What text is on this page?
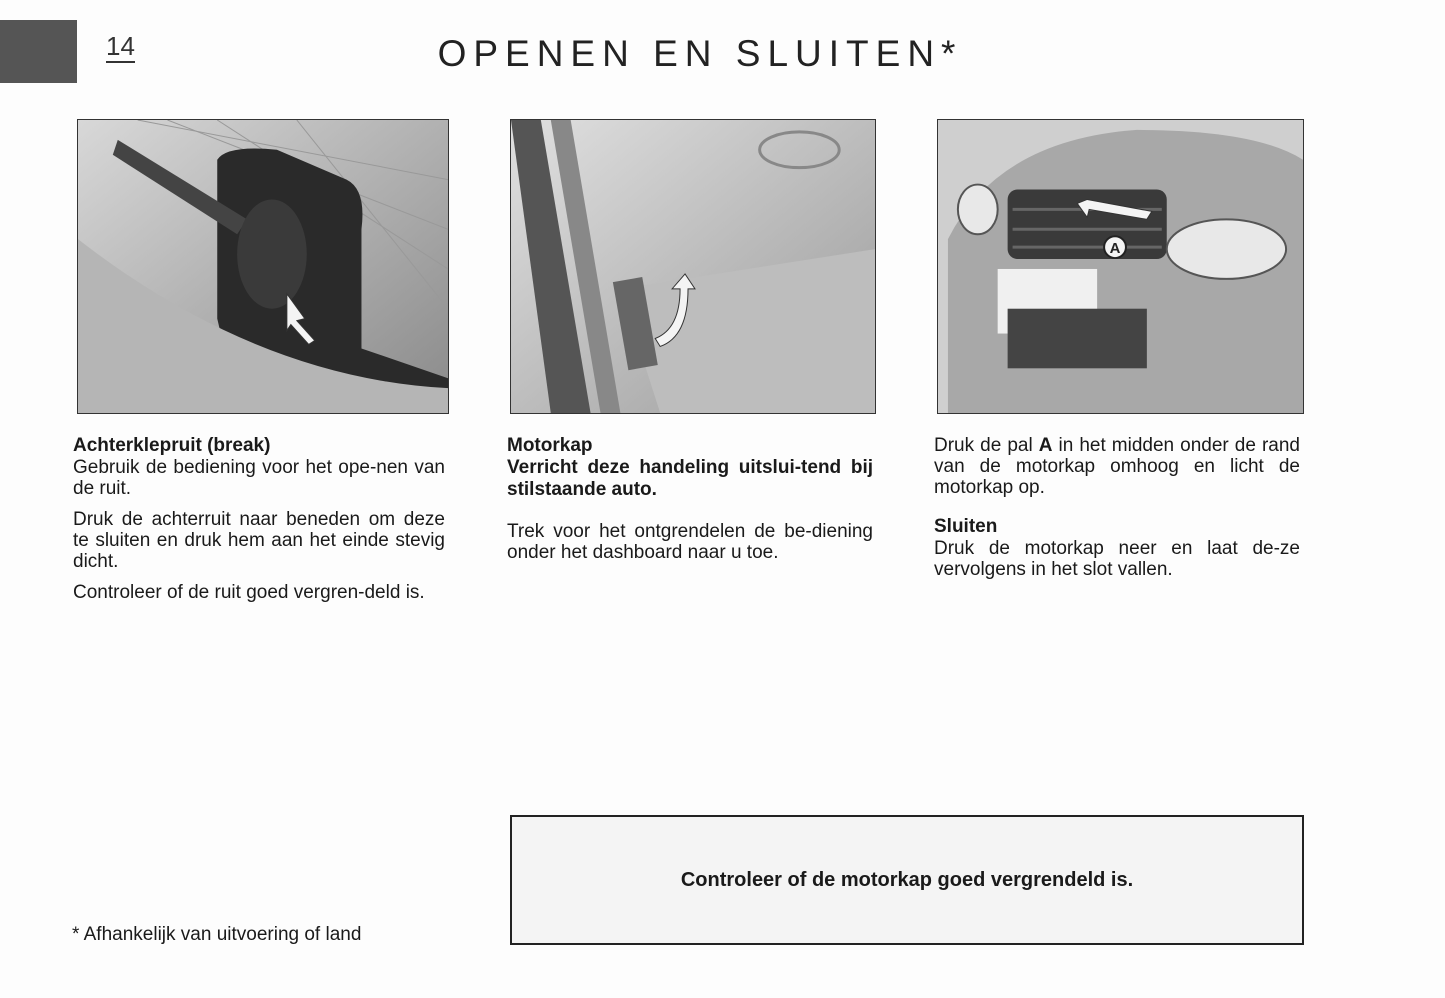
14	OPENEN EN SLUITEN*
A
Achterklepruit (break)

Gebruik de bediening voor het ope-nen van de ruit.

Druk de achterruit naar beneden om deze te sluiten en druk hem aan het einde stevig dicht.

Controleer of de ruit goed vergren-deld is.

Motorkap
Verricht deze handeling uitslui-tend bij stilstaande auto.

Trek voor het ontgrendelen de be-diening onder het dashboard naar u toe.

Druk de pal A in het midden onder de rand van de motorkap omhoog en licht de motorkap op.

Sluiten

Druk de motorkap neer en laat de-ze vervolgens in het slot vallen.

Controleer of de motorkap goed vergrendeld is.
* Afhankelijk van uitvoering of land
